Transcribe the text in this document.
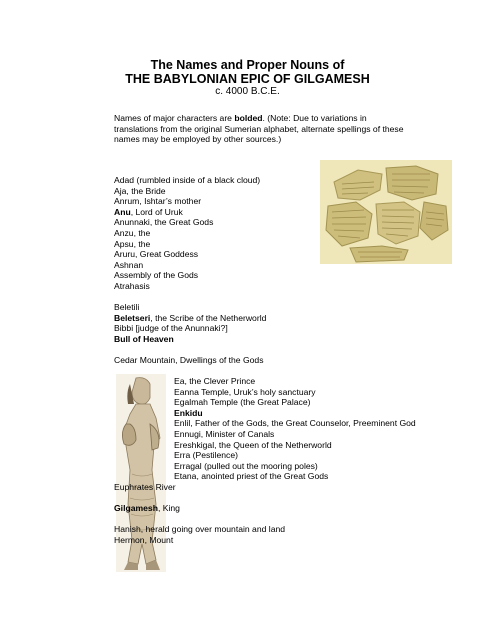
The Names and Proper Nouns of
THE BABYLONIAN EPIC OF GILGAMESH
c. 4000 B.C.E.
Names of major characters are bolded. (Note: Due to variations in translations from the original Sumerian alphabet, alternate spellings of these names may be employed by other sources.)
Adad (rumbled inside of a black cloud)
Aja, the Bride
Anrum, Ishtar’s mother
Anu, Lord of Uruk
Anunnaki, the Great Gods
Anzu, the
Apsu, the
Aruru, Great Goddess
Ashnan
Assembly of the Gods
Atrahasis
Beletili
Beletseri, the Scribe of the Netherworld
Bibbi [judge of the Anunnaki?]
Bull of Heaven
Cedar Mountain, Dwellings of the Gods
Ea, the Clever Prince
Eanna Temple, Uruk’s holy sanctuary
Egalmah Temple (the Great Palace)
Enkidu
Enlil, Father of the Gods, the Great Counselor, Preeminent God
Ennugi, Minister of Canals
Ereshkigal, the Queen of the Netherworld
Erra (Pestilence)
Erragal (pulled out the mooring poles)
Etana, anointed priest of the Great Gods
Euphrates River
Gilgamesh, King
Hanish, herald going over mountain and land
Hermon, Mount
